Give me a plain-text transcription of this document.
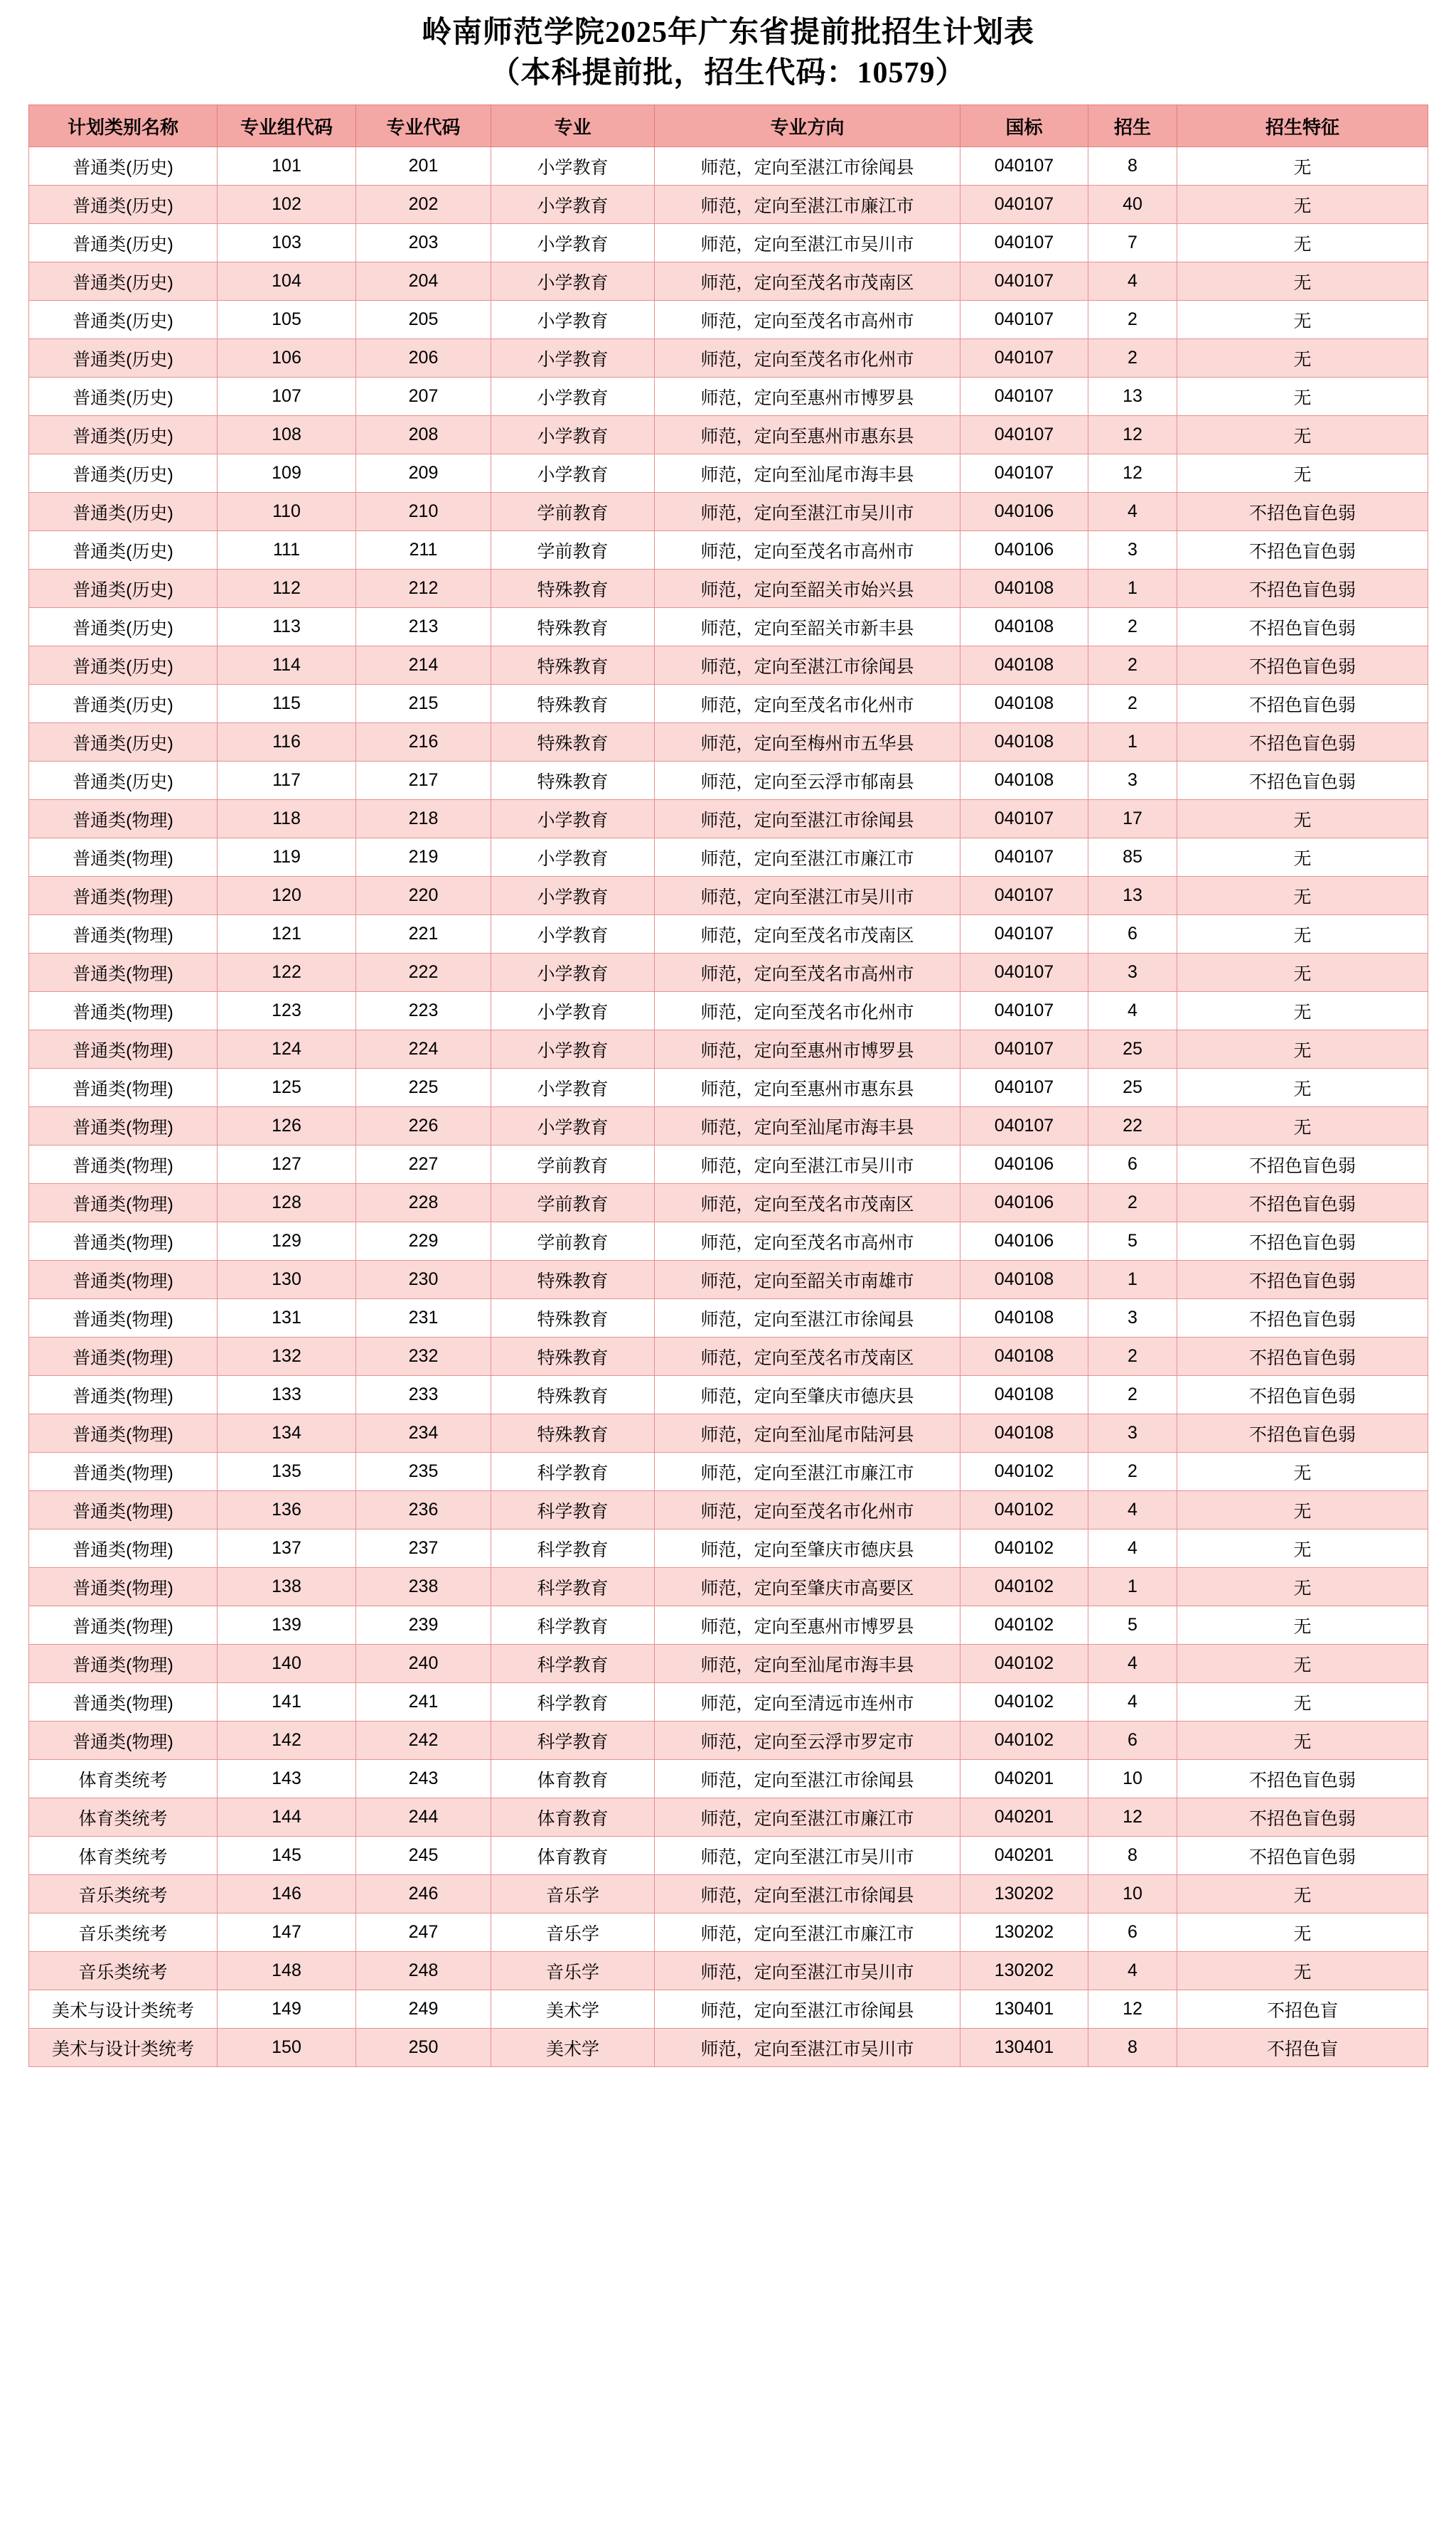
岭南师范学院2025年广东省提前批招生计划表
（本科提前批，招生代码：10579）
计划类别名称	专业组代码	专业代码	专业	专业方向	国标	招生	招生特征
普通类(历史)	101	201	小学教育	师范，定向至湛江市徐闻县	040107	8	无
普通类(历史)	102	202	小学教育	师范，定向至湛江市廉江市	040107	40	无
普通类(历史)	103	203	小学教育	师范，定向至湛江市吴川市	040107	7	无
普通类(历史)	104	204	小学教育	师范，定向至茂名市茂南区	040107	4	无
普通类(历史)	105	205	小学教育	师范，定向至茂名市高州市	040107	2	无
普通类(历史)	106	206	小学教育	师范，定向至茂名市化州市	040107	2	无
普通类(历史)	107	207	小学教育	师范，定向至惠州市博罗县	040107	13	无
普通类(历史)	108	208	小学教育	师范，定向至惠州市惠东县	040107	12	无
普通类(历史)	109	209	小学教育	师范，定向至汕尾市海丰县	040107	12	无
普通类(历史)	110	210	学前教育	师范，定向至湛江市吴川市	040106	4	不招色盲色弱
普通类(历史)	111	211	学前教育	师范，定向至茂名市高州市	040106	3	不招色盲色弱
普通类(历史)	112	212	特殊教育	师范，定向至韶关市始兴县	040108	1	不招色盲色弱
普通类(历史)	113	213	特殊教育	师范，定向至韶关市新丰县	040108	2	不招色盲色弱
普通类(历史)	114	214	特殊教育	师范，定向至湛江市徐闻县	040108	2	不招色盲色弱
普通类(历史)	115	215	特殊教育	师范，定向至茂名市化州市	040108	2	不招色盲色弱
普通类(历史)	116	216	特殊教育	师范，定向至梅州市五华县	040108	1	不招色盲色弱
普通类(历史)	117	217	特殊教育	师范，定向至云浮市郁南县	040108	3	不招色盲色弱
普通类(物理)	118	218	小学教育	师范，定向至湛江市徐闻县	040107	17	无
普通类(物理)	119	219	小学教育	师范，定向至湛江市廉江市	040107	85	无
普通类(物理)	120	220	小学教育	师范，定向至湛江市吴川市	040107	13	无
普通类(物理)	121	221	小学教育	师范，定向至茂名市茂南区	040107	6	无
普通类(物理)	122	222	小学教育	师范，定向至茂名市高州市	040107	3	无
普通类(物理)	123	223	小学教育	师范，定向至茂名市化州市	040107	4	无
普通类(物理)	124	224	小学教育	师范，定向至惠州市博罗县	040107	25	无
普通类(物理)	125	225	小学教育	师范，定向至惠州市惠东县	040107	25	无
普通类(物理)	126	226	小学教育	师范，定向至汕尾市海丰县	040107	22	无
普通类(物理)	127	227	学前教育	师范，定向至湛江市吴川市	040106	6	不招色盲色弱
普通类(物理)	128	228	学前教育	师范，定向至茂名市茂南区	040106	2	不招色盲色弱
普通类(物理)	129	229	学前教育	师范，定向至茂名市高州市	040106	5	不招色盲色弱
普通类(物理)	130	230	特殊教育	师范，定向至韶关市南雄市	040108	1	不招色盲色弱
普通类(物理)	131	231	特殊教育	师范，定向至湛江市徐闻县	040108	3	不招色盲色弱
普通类(物理)	132	232	特殊教育	师范，定向至茂名市茂南区	040108	2	不招色盲色弱
普通类(物理)	133	233	特殊教育	师范，定向至肇庆市德庆县	040108	2	不招色盲色弱
普通类(物理)	134	234	特殊教育	师范，定向至汕尾市陆河县	040108	3	不招色盲色弱
普通类(物理)	135	235	科学教育	师范，定向至湛江市廉江市	040102	2	无
普通类(物理)	136	236	科学教育	师范，定向至茂名市化州市	040102	4	无
普通类(物理)	137	237	科学教育	师范，定向至肇庆市德庆县	040102	4	无
普通类(物理)	138	238	科学教育	师范，定向至肇庆市高要区	040102	1	无
普通类(物理)	139	239	科学教育	师范，定向至惠州市博罗县	040102	5	无
普通类(物理)	140	240	科学教育	师范，定向至汕尾市海丰县	040102	4	无
普通类(物理)	141	241	科学教育	师范，定向至清远市连州市	040102	4	无
普通类(物理)	142	242	科学教育	师范，定向至云浮市罗定市	040102	6	无
体育类统考	143	243	体育教育	师范，定向至湛江市徐闻县	040201	10	不招色盲色弱
体育类统考	144	244	体育教育	师范，定向至湛江市廉江市	040201	12	不招色盲色弱
体育类统考	145	245	体育教育	师范，定向至湛江市吴川市	040201	8	不招色盲色弱
音乐类统考	146	246	音乐学	师范，定向至湛江市徐闻县	130202	10	无
音乐类统考	147	247	音乐学	师范，定向至湛江市廉江市	130202	6	无
音乐类统考	148	248	音乐学	师范，定向至湛江市吴川市	130202	4	无
美术与设计类统考	149	249	美术学	师范，定向至湛江市徐闻县	130401	12	不招色盲
美术与设计类统考	150	250	美术学	师范，定向至湛江市吴川市	130401	8	不招色盲
